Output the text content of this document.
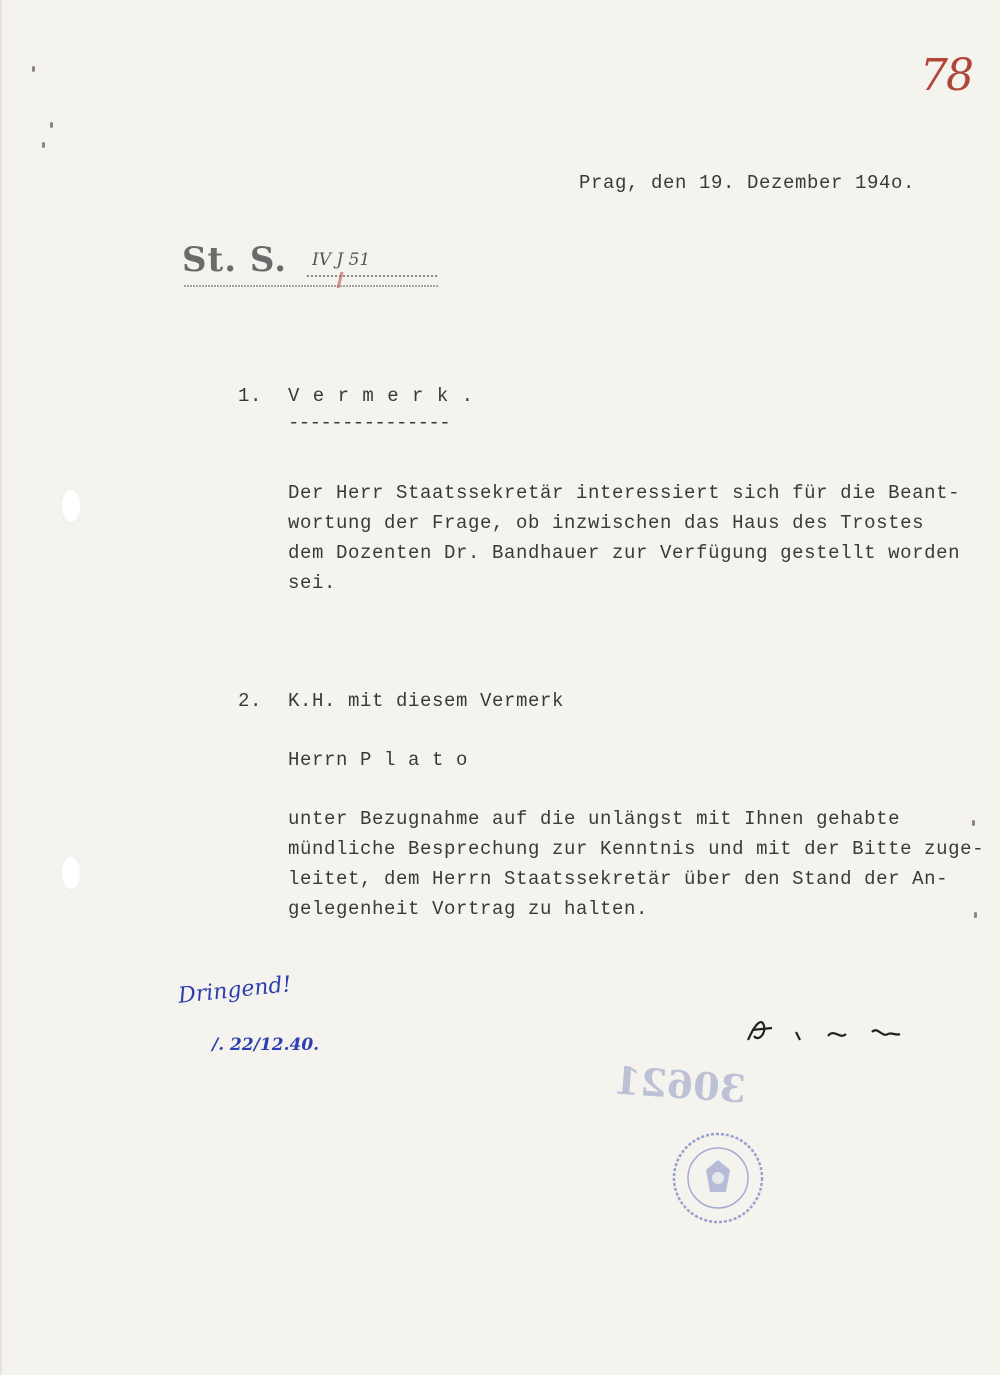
78
Prag, den 19. Dezember 194o.
St. S. IV J 51
1. V e r m e r k .
---------------
Der Herr Staatssekretär interessiert sich für die Beant-
wortung der Frage, ob inzwischen das Haus des Trostes
dem Dozenten Dr. Bandhauer zur Verfügung gestellt worden
sei.
2. K.H. mit diesem Vermerk
Herrn P l a t o
unter Bezugnahme auf die unlängst mit Ihnen gehabte
mündliche Besprechung zur Kenntnis und mit der Bitte zuge-
leitet, dem Herrn Staatssekretär über den Stand der An-
gelegenheit Vortrag zu halten.
Dringend!
/. 22/12.40.
30621
